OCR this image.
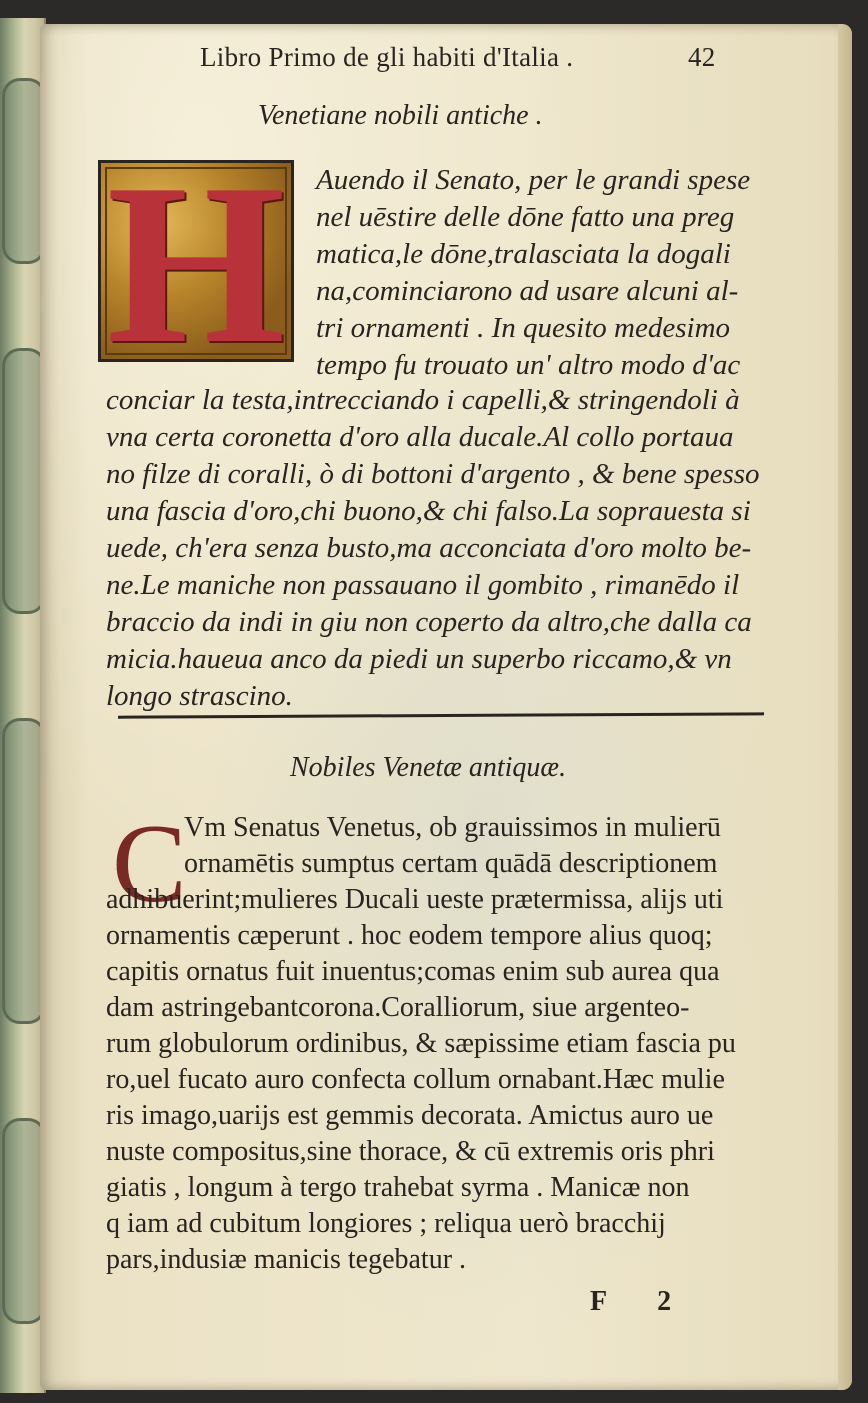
Libro Primo de gli habiti d'Italia .	42
Venetiane nobili antiche .
H Auendo il Senato, per le grandi spese
nel uēstire delle dōne fatto una preg
matica,le dōne,tralasciata la dogali
na,cominciarono ad usare alcuni al-
tri ornamenti . In quesito medesimo
tempo fu trouato un' altro modo d'ac
conciar la testa,intrecciando i capelli,& stringendoli à
vna certa coronetta d'oro alla ducale.Al collo portaua
no filze di coralli, ò di bottoni d'argento , & bene spesso
una fascia d'oro,chi buono,& chi falso.La soprauesta si
uede, ch'era senza busto,ma acconciata d'oro molto be-
ne.Le maniche non passauano il gombito , rimanēdo il
braccio da indi in giu non coperto da altro,che dalla ca
micia.haueua anco da piedi un superbo riccamo,& vn
longo strascino.
Nobiles Venetæ antiquæ.
C
Vm Senatus Venetus, ob grauissimos in mulierū
ornamētis sumptus certam quādā descriptionem
adhibuerint;mulieres Ducali ueste prætermissa, alijs uti
ornamentis cæperunt . hoc eodem tempore alius quoq;
capitis ornatus fuit inuentus;comas enim sub aurea qua
dam astringebantcorona.Coralliorum, siue argenteo-
rum globulorum ordinibus, & sæpissime etiam fascia pu
ro,uel fucato auro confecta collum ornabant.Hæc mulie
ris imago,uarijs est gemmis decorata. Amictus auro ue
nuste compositus,sine thorace, & cū extremis oris phri
giatis , longum à tergo trahebat syrma . Manicæ non
q iam ad cubitum longiores ; reliqua uerò bracchij
pars,indusiæ manicis tegebatur .
F 2
